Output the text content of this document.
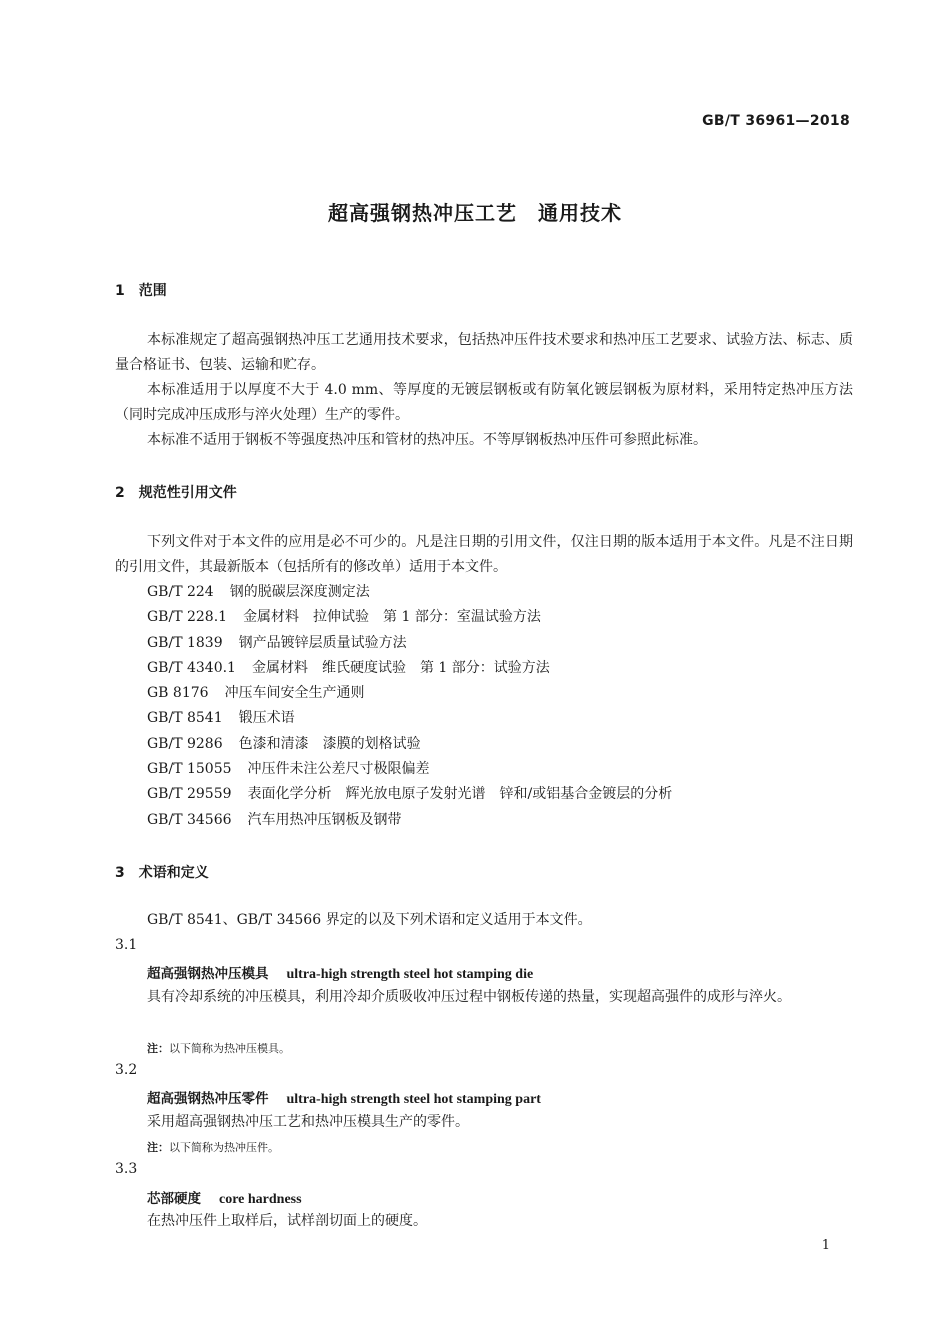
GB/T 36961—2018
超高强钢热冲压工艺　通用技术
1　范围

本标准规定了超高强钢热冲压工艺通用技术要求，包括热冲压件技术要求和热冲压工艺要求、试验方法、标志、质量合格证书、包装、运输和贮存。

本标准适用于以厚度不大于 4.0 mm、等厚度的无镀层钢板或有防氧化镀层钢板为原材料，采用特定热冲压方法（同时完成冲压成形与淬火处理）生产的零件。

本标准不适用于钢板不等强度热冲压和管材的热冲压。不等厚钢板热冲压件可参照此标准。

2　规范性引用文件

下列文件对于本文件的应用是必不可少的。凡是注日期的引用文件，仅注日期的版本适用于本文件。凡是不注日期的引用文件，其最新版本（包括所有的修改单）适用于本文件。

GB/T 224 钢的脱碳层深度测定法
GB/T 228.1 金属材料　拉伸试验　第 1 部分：室温试验方法
GB/T 1839 钢产品镀锌层质量试验方法
GB/T 4340.1 金属材料　维氏硬度试验　第 1 部分：试验方法
GB 8176 冲压车间安全生产通则
GB/T 8541 锻压术语
GB/T 9286 色漆和清漆　漆膜的划格试验
GB/T 15055 冲压件未注公差尺寸极限偏差
GB/T 29559 表面化学分析　辉光放电原子发射光谱　锌和/或铝基合金镀层的分析
GB/T 34566 汽车用热冲压钢板及钢带
3　术语和定义

GB/T 8541、GB/T 34566 界定的以及下列术语和定义适用于本文件。

3.1
超高强钢热冲压模具 ultra-high strength steel hot stamping die

具有冷却系统的冲压模具，利用冷却介质吸收冲压过程中钢板传递的热量，实现超高强件的成形与淬火。

注：以下简称为热冲压模具。
3.2
超高强钢热冲压零件 ultra-high strength steel hot stamping part

采用超高强钢热冲压工艺和热冲压模具生产的零件。

注：以下简称为热冲压件。
3.3
芯部硬度 core hardness

在热冲压件上取样后，试样剖切面上的硬度。

1
